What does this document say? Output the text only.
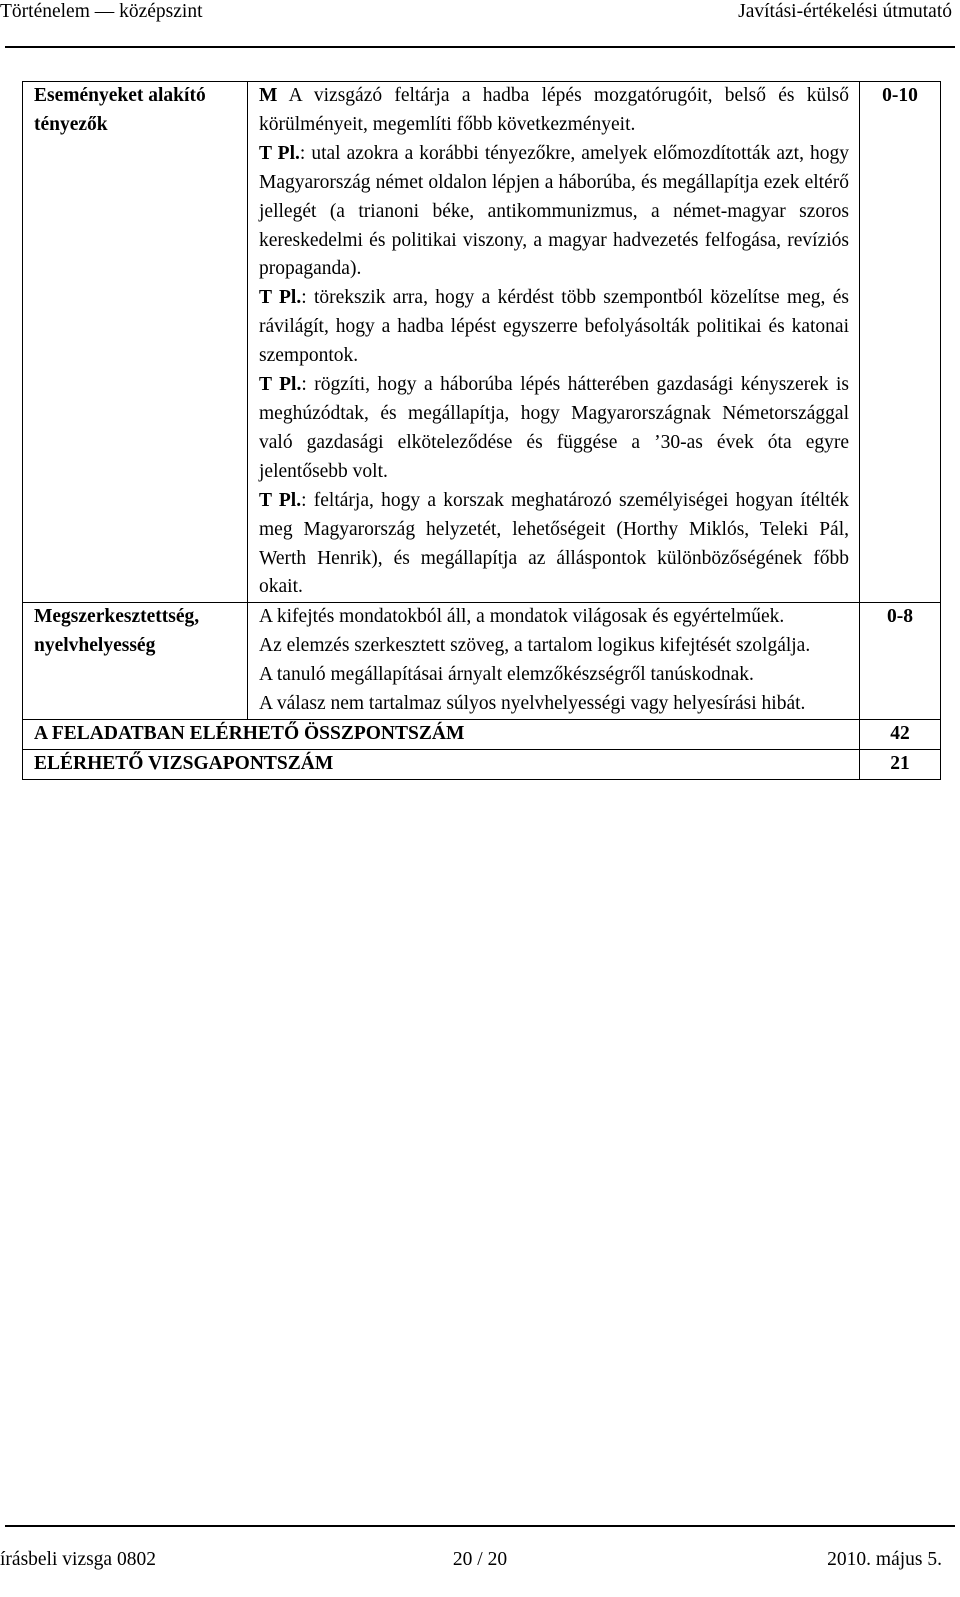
Történelem — középszint	Javítási-értékelési útmutató
Eseményeket alakító tényezők	M A vizsgázó feltárja a hadba lépés mozgatórugóit, belső és külső körülményeit, megemlíti főbb következményeit.

T Pl.: utal azokra a korábbi tényezőkre, amelyek előmozdították azt, hogy Magyarország német oldalon lépjen a háborúba, és megállapítja ezek eltérő jellegét (a trianoni béke, antikommunizmus, a német-magyar szoros kereskedelmi és politikai viszony, a magyar hadvezetés felfogása, revíziós propaganda).

T Pl.: törekszik arra, hogy a kérdést több szempontból közelítse meg, és rávilágít, hogy a hadba lépést egyszerre befolyásolták politikai és katonai szempontok.

T Pl.: rögzíti, hogy a háborúba lépés hátterében gazdasági kényszerek is meghúzódtak, és megállapítja, hogy Magyarországnak Németországgal való gazdasági elköteleződése és függése a ’30-as évek óta egyre jelentősebb volt.

T Pl.: feltárja, hogy a korszak meghatározó személyiségei hogyan ítélték meg Magyarország helyzetét, lehetőségeit (Horthy Miklós, Teleki Pál, Werth Henrik), és megállapítja az álláspontok különbözőségének főbb okait.	0-10
Megszerkesztettség, nyelvhelyesség	A kifejtés mondatokból áll, a mondatok világosak és egyértelműek.

Az elemzés szerkesztett szöveg, a tartalom logikus kifejtését szolgálja.

A tanuló megállapításai árnyalt elemzőkészségről tanúskodnak.

A válasz nem tartalmaz súlyos nyelvhelyességi vagy helyesírási hibát.	0-8
A FELADATBAN ELÉRHETŐ ÖSSZPONTSZÁM		42
ELÉRHETŐ VIZSGAPONTSZÁM		21
írásbeli vizsga 0802	20 / 20	2010. május 5.
